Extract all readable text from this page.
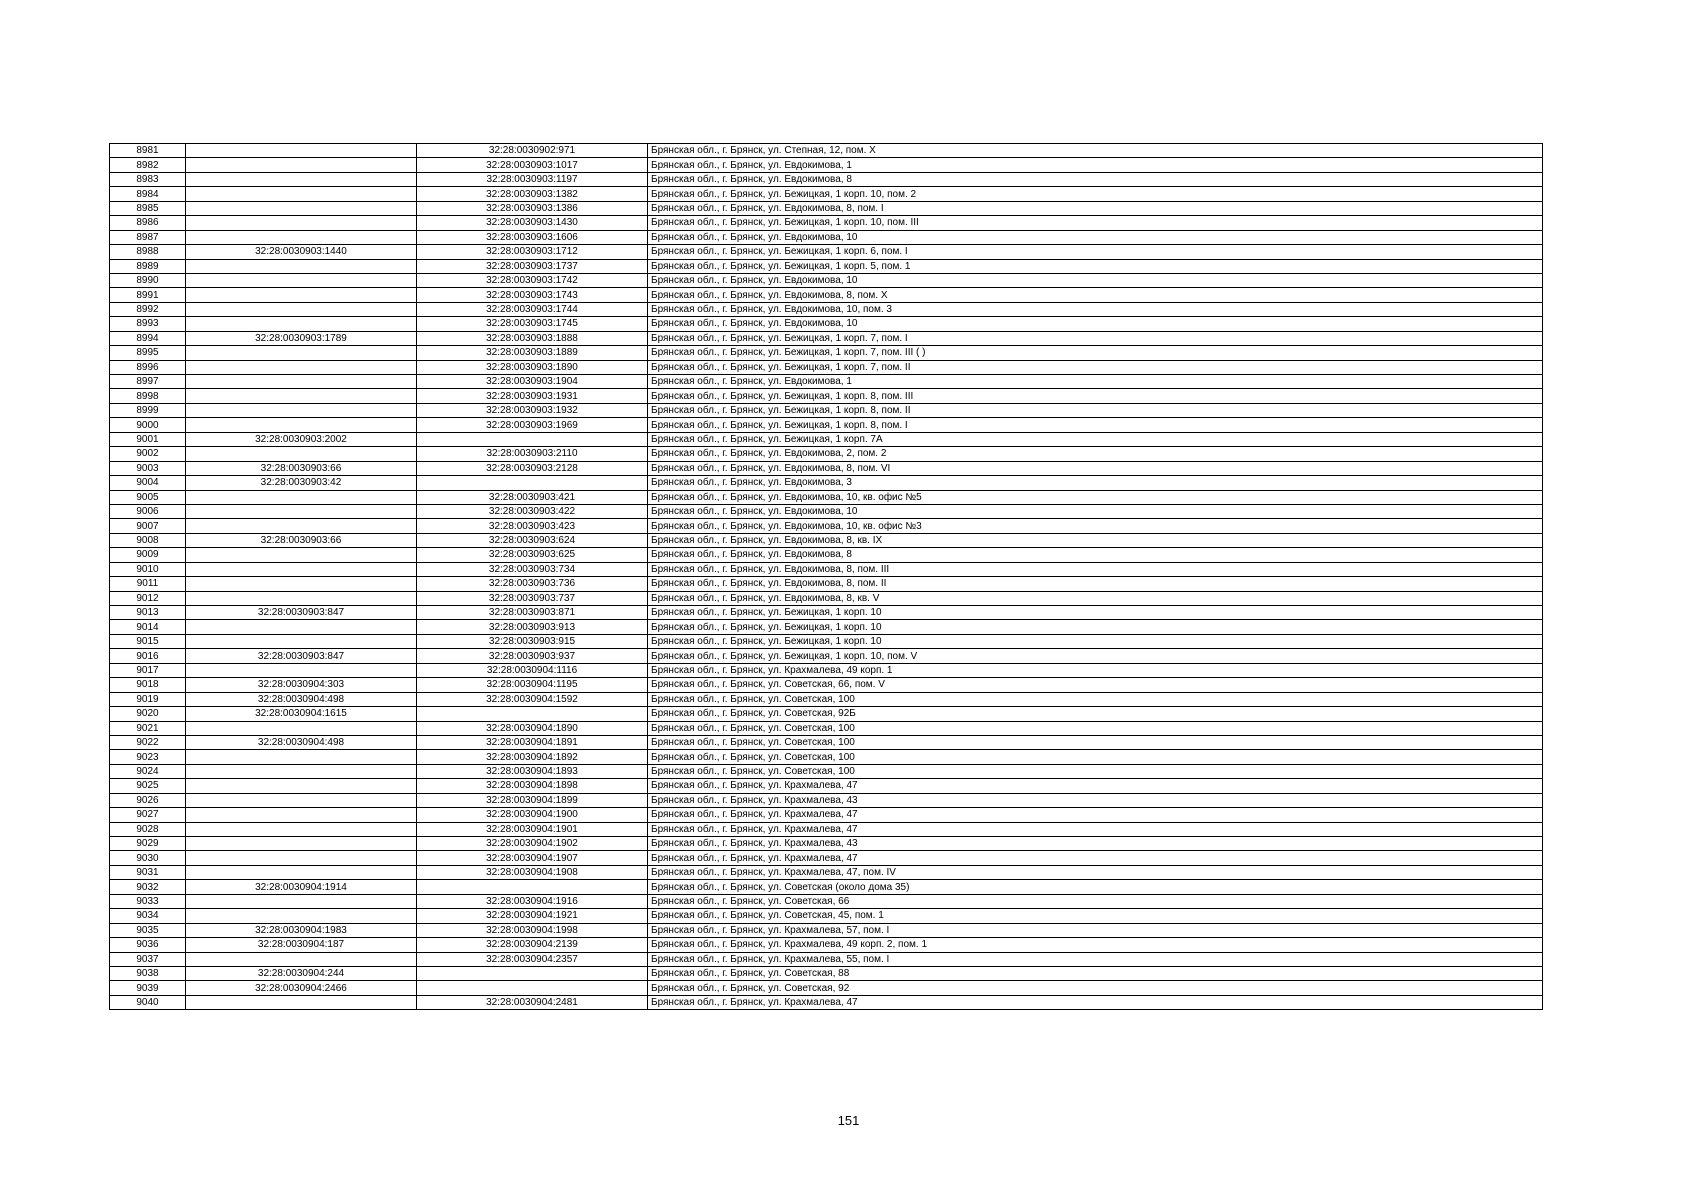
8981		32:28:0030902:971	Брянская обл., г. Брянск, ул. Степная, 12, пом. X
8982		32:28:0030903:1017	Брянская обл., г. Брянск, ул. Евдокимова, 1
8983		32:28:0030903:1197	Брянская обл., г. Брянск, ул. Евдокимова, 8
8984		32:28:0030903:1382	Брянская обл., г. Брянск, ул. Бежицкая, 1 корп. 10, пом. 2
8985		32:28:0030903:1386	Брянская обл., г. Брянск, ул. Евдокимова, 8, пом. I
8986		32:28:0030903:1430	Брянская обл., г. Брянск, ул. Бежицкая, 1 корп. 10, пом. III
8987		32:28:0030903:1606	Брянская обл., г. Брянск, ул. Евдокимова, 10
8988	32:28:0030903:1440	32:28:0030903:1712	Брянская обл., г. Брянск, ул. Бежицкая, 1 корп. 6, пом. I
8989		32:28:0030903:1737	Брянская обл., г. Брянск, ул. Бежицкая, 1 корп. 5, пом. 1
8990		32:28:0030903:1742	Брянская обл., г. Брянск, ул. Евдокимова, 10
8991		32:28:0030903:1743	Брянская обл., г. Брянск, ул. Евдокимова, 8, пом. X
8992		32:28:0030903:1744	Брянская обл., г. Брянск, ул. Евдокимова, 10, пом. 3
8993		32:28:0030903:1745	Брянская обл., г. Брянск, ул. Евдокимова, 10
8994	32:28:0030903:1789	32:28:0030903:1888	Брянская обл., г. Брянск, ул. Бежицкая, 1 корп. 7, пом. I
8995		32:28:0030903:1889	Брянская обл., г. Брянск, ул. Бежицкая, 1 корп. 7, пом. III ( )
8996		32:28:0030903:1890	Брянская обл., г. Брянск, ул. Бежицкая, 1 корп. 7, пом. II
8997		32:28:0030903:1904	Брянская обл., г. Брянск, ул. Евдокимова, 1
8998		32:28:0030903:1931	Брянская обл., г. Брянск, ул. Бежицкая, 1 корп. 8, пом. III
8999		32:28:0030903:1932	Брянская обл., г. Брянск, ул. Бежицкая, 1 корп. 8, пом. II
9000		32:28:0030903:1969	Брянская обл., г. Брянск, ул. Бежицкая, 1 корп. 8, пом. I
9001	32:28:0030903:2002		Брянская обл., г. Брянск, ул. Бежицкая, 1 корп. 7А
9002		32:28:0030903:2110	Брянская обл., г. Брянск, ул. Евдокимова, 2, пом. 2
9003	32:28:0030903:66	32:28:0030903:2128	Брянская обл., г. Брянск, ул. Евдокимова, 8, пом. VI
9004	32:28:0030903:42		Брянская обл., г. Брянск, ул. Евдокимова, 3
9005		32:28:0030903:421	Брянская обл., г. Брянск, ул. Евдокимова, 10, кв. офис №5
9006		32:28:0030903:422	Брянская обл., г. Брянск, ул. Евдокимова, 10
9007		32:28:0030903:423	Брянская обл., г. Брянск, ул. Евдокимова, 10, кв. офис №3
9008	32:28:0030903:66	32:28:0030903:624	Брянская обл., г. Брянск, ул. Евдокимова, 8, кв. IX
9009		32:28:0030903:625	Брянская обл., г. Брянск, ул. Евдокимова, 8
9010		32:28:0030903:734	Брянская обл., г. Брянск, ул. Евдокимова, 8, пом. III
9011		32:28:0030903:736	Брянская обл., г. Брянск, ул. Евдокимова, 8, пом. II
9012		32:28:0030903:737	Брянская обл., г. Брянск, ул. Евдокимова, 8, кв. V
9013	32:28:0030903:847	32:28:0030903:871	Брянская обл., г. Брянск, ул. Бежицкая, 1 корп. 10
9014		32:28:0030903:913	Брянская обл., г. Брянск, ул. Бежицкая, 1 корп. 10
9015		32:28:0030903:915	Брянская обл., г. Брянск, ул. Бежицкая, 1 корп. 10
9016	32:28:0030903:847	32:28:0030903:937	Брянская обл., г. Брянск, ул. Бежицкая, 1 корп. 10, пом. V
9017		32:28:0030904:1116	Брянская обл., г. Брянск, ул. Крахмалева, 49 корп. 1
9018	32:28:0030904:303	32:28:0030904:1195	Брянская обл., г. Брянск, ул. Советская, 66, пом. V
9019	32:28:0030904:498	32:28:0030904:1592	Брянская обл., г. Брянск, ул. Советская, 100
9020	32:28:0030904:1615		Брянская обл., г. Брянск, ул. Советская, 92Б
9021		32:28:0030904:1890	Брянская обл., г. Брянск, ул. Советская, 100
9022	32:28:0030904:498	32:28:0030904:1891	Брянская обл., г. Брянск, ул. Советская, 100
9023		32:28:0030904:1892	Брянская обл., г. Брянск, ул. Советская, 100
9024		32:28:0030904:1893	Брянская обл., г. Брянск, ул. Советская, 100
9025		32:28:0030904:1898	Брянская обл., г. Брянск, ул. Крахмалева, 47
9026		32:28:0030904:1899	Брянская обл., г. Брянск, ул. Крахмалева, 43
9027		32:28:0030904:1900	Брянская обл., г. Брянск, ул. Крахмалева, 47
9028		32:28:0030904:1901	Брянская обл., г. Брянск, ул. Крахмалева, 47
9029		32:28:0030904:1902	Брянская обл., г. Брянск, ул. Крахмалева, 43
9030		32:28:0030904:1907	Брянская обл., г. Брянск, ул. Крахмалева, 47
9031		32:28:0030904:1908	Брянская обл., г. Брянск, ул. Крахмалева, 47, пом. IV
9032	32:28:0030904:1914		Брянская обл., г. Брянск, ул. Советская (около дома 35)
9033		32:28:0030904:1916	Брянская обл., г. Брянск, ул. Советская, 66
9034		32:28:0030904:1921	Брянская обл., г. Брянск, ул. Советская, 45, пом. 1
9035	32:28:0030904:1983	32:28:0030904:1998	Брянская обл., г. Брянск, ул. Крахмалева, 57, пом. I
9036	32:28:0030904:187	32:28:0030904:2139	Брянская обл., г. Брянск, ул. Крахмалева, 49 корп. 2, пом. 1
9037		32:28:0030904:2357	Брянская обл., г. Брянск, ул. Крахмалева, 55, пом. I
9038	32:28:0030904:244		Брянская обл., г. Брянск, ул. Советская, 88
9039	32:28:0030904:2466		Брянская обл., г. Брянск, ул. Советская, 92
9040		32:28:0030904:2481	Брянская обл., г. Брянск, ул. Крахмалева, 47
151
